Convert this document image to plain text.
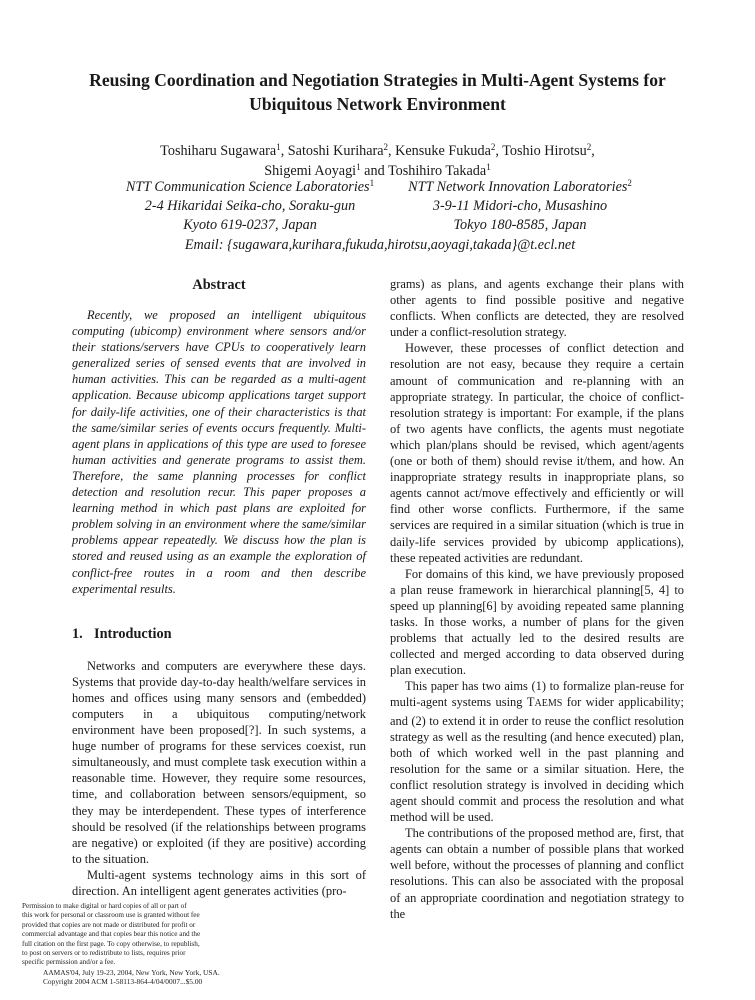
Reusing Coordination and Negotiation Strategies in Multi-Agent Systems for
Ubiquitous Network Environment
Toshiharu Sugawara$^1$, Satoshi Kurihara$^2$, Kensuke Fukuda$^2$, Toshio Hirotsu$^2$,
Shigemi Aoyagi$^1$ and Toshihiro Takada$^1$
NTT Communication Science Laboratories$^1$	NTT Network Innovation Laboratories$^2$
2-4 Hikaridai Seika-cho, Soraku-gun	3-9-11 Midori-cho, Musashino
Kyoto 619-0237, Japan	Tokyo 180-8585, Japan
Email: {sugawara,kurihara,fukuda,hirotsu,aoyagi,takada}@t.ecl.net
Abstract

Recently, we proposed an intelligent ubiquitous computing (ubicomp) environment where sensors and/or their stations/servers have CPUs to cooperatively learn generalized series of sensed events that are involved in human activities. This can be regarded as a multi-agent application. Because ubicomp applications target support for daily-life activities, one of their characteristics is that the same/similar series of events occurs frequently. Multi-agent plans in applications of this type are used to foresee human activities and generate programs to assist them. Therefore, the same planning processes for conflict detection and resolution recur. This paper proposes a learning method in which past plans are exploited for problem solving in an environment where the same/similar problems appear repeatedly. We discuss how the plan is stored and reused using as an example the exploration of conflict-free routes in a room and then describe experimental results.

1. Introduction

Networks and computers are everywhere these days. Systems that provide day-to-day health/welfare services in homes and offices using many sensors and (embedded) computers in a ubiquitous computing/network environment have been proposed[?]. In such systems, a huge number of programs for these services coexist, run simultaneously, and must complete task execution within a reasonable time. However, they require some resources, time, and collaboration between sensors/equipment, so they may be interdependent. These types of interference should be resolved (if the relationships between programs are negative) or exploited (if they are positive) according to the situation.

Multi-agent systems technology aims in this sort of direction. An intelligent agent generates activities (pro-

grams) as plans, and agents exchange their plans with other agents to find possible positive and negative conflicts. When conflicts are detected, they are resolved under a conflict-resolution strategy.

However, these processes of conflict detection and resolution are not easy, because they require a certain amount of communication and re-planning with an appropriate strategy. In particular, the choice of conflict-resolution strategy is important: For example, if the plans of two agents have conflicts, the agents must negotiate which plan/plans should be revised, which agent/agents (one or both of them) should revise it/them, and how. An inappropriate strategy results in inappropriate plans, so agents cannot act/move effectively and efficiently or will find other worse conflicts. Furthermore, if the same services are required in a similar situation (which is true in daily-life services provided by ubicomp applications), these repeated activities are redundant.

For domains of this kind, we have previously proposed a plan reuse framework in hierarchical planning[5, 4] to speed up planning[6] by avoiding repeated same planning tasks. In those works, a number of plans for the given problems that actually led to the desired results are collected and merged according to data observed during plan execution.

This paper has two aims (1) to formalize plan-reuse for multi-agent systems using TAEMS for wider applicability; and (2) to extend it in order to reuse the conflict resolution strategy as well as the resulting (and hence executed) plan, both of which worked well in the past planning and resolution for the same or a similar situation. Here, the conflict resolution strategy is involved in deciding which agent should commit and process the resolution and what method will be used.

The contributions of the proposed method are, first, that agents can obtain a number of possible plans that worked well before, without the processes of planning and conflict resolutions. This can also be associated with the proposal of an appropriate coordination and negotiation strategy to the

Permission to make digital or hard copies of all or part of
this work for personal or classroom use is granted without fee
provided that copies are not made or distributed for profit or
commercial advantage and that copies bear this notice and the
full citation on the first page. To copy otherwise, to republish,
to post on servers or to redistribute to lists, requires prior
specific permission and/or a fee.
AAMAS'04, July 19-23, 2004, New York, New York, USA.
Copyright 2004 ACM 1-58113-864-4/04/0007...$5.00
